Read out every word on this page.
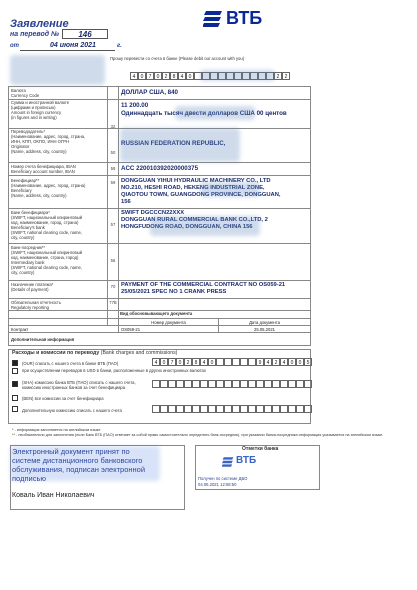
Заявление
на перевод №	146
от	04 июня 2021	г.
ВТБ
Прошу перевести со счета в банке (Please debit our account with you)
4	0	7	0	2	8	4	0	2	2
Валюта
Currency Code	ДОЛЛАР США, 840
Сумма и иностранной валюте
(цифрами и прописью)
Amount in foreign currency
(in figures and in writing)
32
11 200.00
Одиннадцать тысяч двести долларов США 00 центов
Перевододатель*
(Наименование, адрес, город, страна,
ИНН, КПП, ОКПО, ИНН ОГРН
Originator
(Name, address, city, country)	50
RUSSIAN FEDERATION REPUBLIC,
Номер счета бенефициара, IBAN
Beneficiary account number, IBAN
59 ACC 220010392020000375
Бенефициар**
(Наименование, адрес, город, страна)
Beneficiary
(Name, address, city, country)
59 DONGGUAN YIHUI HYDRAULIC MACHINERY CO., LTD
NO.210, HESHI ROAD, HEKENG INDUSTRIAL ZONE,
QIAOTOU TOWN, GUANGDONG PROVINCE, DONGGUAN,
156
Банк бенефициара*
(SWIFT, национальный клиринговый
код, наименование, город, страна)
Beneficiary's bank
(SWIFT, national clearing code, name,
city, country)
57
SWIFT DGCCCN22XXX
DONGGUAN RURAL COMMERCIAL BANK CO.,LTD, 2
HONGFUDONG ROAD, DONGGUAN, CHINA 156
Банк-посредник**
(SWIFT, национальный клиринговый
код, наименование, страна, город)
Intermediary bank
(SWIFT, national clearing code, name,
city, country)
56
Назначение платежа*
(Details of payment)
70 PAYMENT OF THE COMMERCIAL CONTRACT NO OS059-21
25/05/2021 SPEC NO 1 CRANK PRESS
Обязательная отчетность
Regulatory reporting
77B
Вид обосновывающего документа
	Номер документа	Дата документа
Контракт	OS059-21	25.05.2021
Дополнительная информация
Расходы и комиссии по переводу (Bank charges and commissions)
(OUR) списать с нашего счета в банке ВТБ (ПАО)	4	0	7	0	2	8	4	0	9	4	2	4	0	0	5
при осуществлении переводов в USD в банки, расположенные в других иностранных валютах
(SHA) комиссию банка ВТБ (ПАО) списать с нашего счета, комиссию иностранных банков за счет бенефициара
(BEN) все комиссии за счет бенефициара
Дополнительную комиссию списать с нашего счета
* - информация заполняется на английском языке
** - необязательно для заполнения (если Банк ВТБ (ПАО) отвечает за собой право самостоятельно определять банк-посредник), при указании банка-посредника информация указывается на английском языке.
Электронный документ принят по системе дистанционного банковского обслуживания, подписан электронной подписью
Коваль Иван Николаевич
Отметки банка
ВТБ
Получен по системе ДБО
04.06.2021 12:58:50
